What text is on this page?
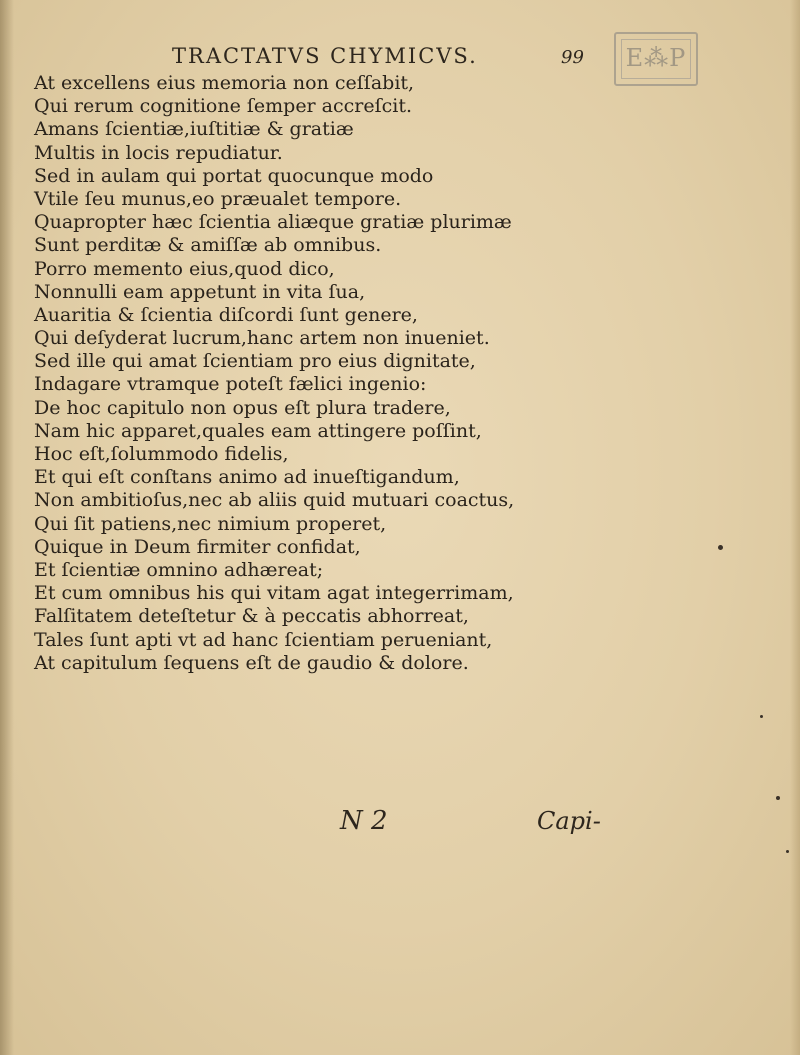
TRACTATVS CHYMICVS.	99	E⁂P
At excellens eius memoria non ceſſabit,
Qui rerum cognitione ſemper accreſcit.
Amans ſcientiæ,iuſtitiæ & gratiæ
Multis in locis repudiatur.
Sed in aulam qui portat quocunque modo
Vtile ſeu munus,eo præualet tempore.
Quapropter hæc ſcientia aliæque gratiæ plurimæ
Sunt perditæ & amiſſæ ab omnibus.
Porro memento eius,quod dico,
Nonnulli eam appetunt in vita ſua,
Auaritia & ſcientia diſcordi ſunt genere,
Qui deſyderat lucrum,hanc artem non inueniet.
Sed ille qui amat ſcientiam pro eius dignitate,
Indagare vtramque poteſt fælici ingenio:
De hoc capitulo non opus eſt plura tradere,
Nam hic apparet,quales eam attingere poſſint,
Hoc eſt,ſolummodo fidelis,
Et qui eſt conſtans animo ad inueſtigandum,
Non ambitioſus,nec ab aliis quid mutuari coactus,
Qui ſit patiens,nec nimium properet,
Quique in Deum firmiter confidat,
Et ſcientiæ omnino adhæreat;
Et cum omnibus his qui vitam agat integerrimam,
Falſitatem deteſtetur & à peccatis abhorreat,
Tales ſunt apti vt ad hanc ſcientiam perueniant,
At capitulum ſequens eſt de gaudio & dolore.
N 2	Capi-
